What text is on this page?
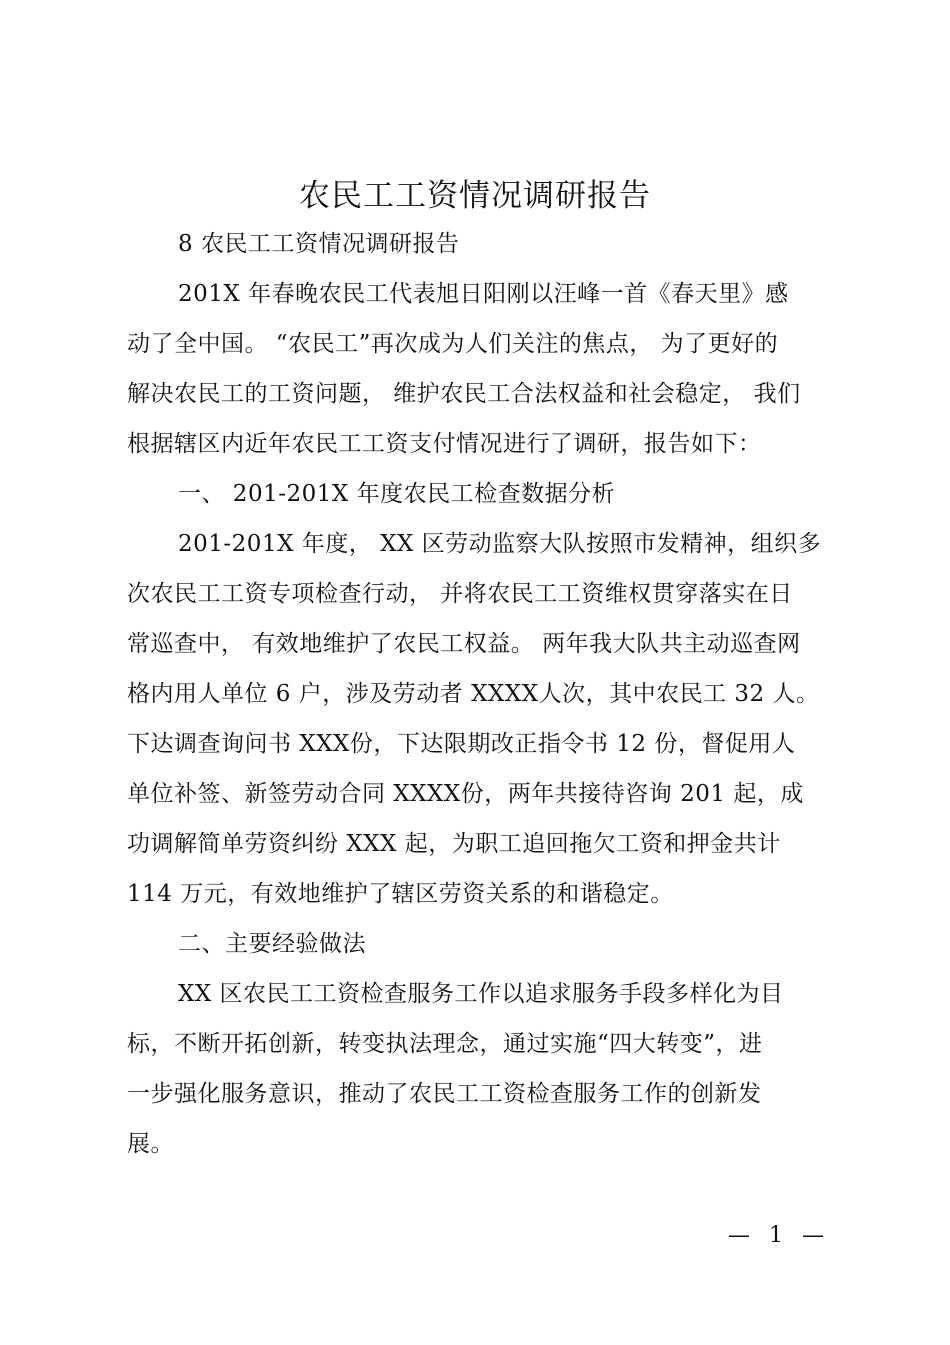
农民工工资情况调研报告
8 农民工工资情况调研报告
201X 年春晚农民工代表旭日阳刚以汪峰一首《春天里》感
动了全中国。 “农民工”再次成为人们关注的焦点， 为了更好的
解决农民工的工资问题， 维护农民工合法权益和社会稳定， 我们
根据辖区内近年农民工工资支付情况进行了调研，报告如下：
一、 201-201X 年度农民工检查数据分析
201-201X 年度， XX 区劳动监察大队按照市发精神，组织多
次农民工工资专项检查行动， 并将农民工工资维权贯穿落实在日
常巡查中， 有效地维护了农民工权益。 两年我大队共主动巡查网
格内用人单位 6 户，涉及劳动者 XXXX人次，其中农民工 32 人。
下达调查询问书 XXX份，下达限期改正指令书 12 份，督促用人
单位补签、新签劳动合同 XXXX份，两年共接待咨询 201 起，成
功调解简单劳资纠纷 XXX 起，为职工追回拖欠工资和押金共计
114 万元，有效地维护了辖区劳资关系的和谐稳定。
二、主要经验做法
XX 区农民工工资检查服务工作以追求服务手段多样化为目
标，不断开拓创新，转变执法理念，通过实施“四大转变”，进
一步强化服务意识，推动了农民工工资检查服务工作的创新发
展。
— 1 —
